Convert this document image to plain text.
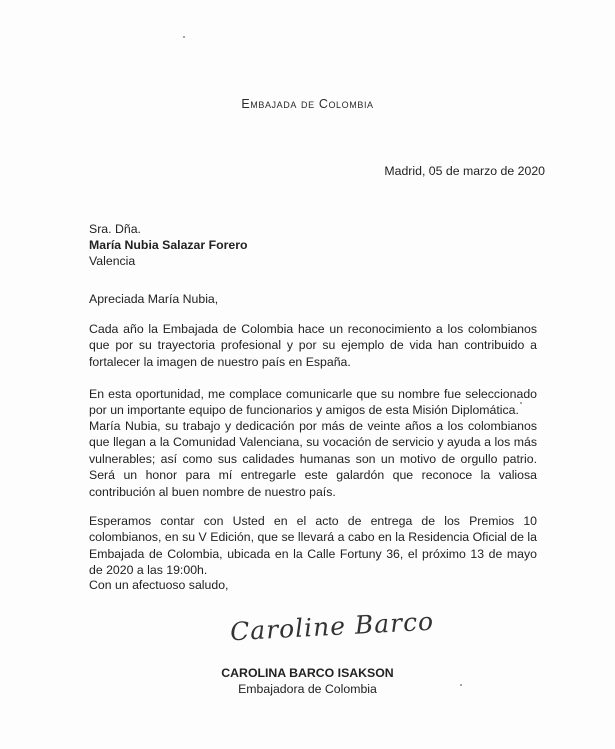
Embajada de Colombia
Madrid, 05 de marzo de 2020
Sra. Dña.
María Nubia Salazar Forero
Valencia
Apreciada María Nubia,

Cada año la Embajada de Colombia hace un reconocimiento a los colombianos que por su trayectoria profesional y por su ejemplo de vida han contribuido a fortalecer la imagen de nuestro país en España.

En esta oportunidad, me complace comunicarle que su nombre fue seleccionado por un importante equipo de funcionarios y amigos de esta Misión Diplomática.

María Nubia, su trabajo y dedicación por más de veinte años a los colombianos que llegan a la Comunidad Valenciana, su vocación de servicio y ayuda a los más vulnerables; así como sus calidades humanas son un motivo de orgullo patrio. Será un honor para mí entregarle este galardón que reconoce la valiosa contribución al buen nombre de nuestro país.

Esperamos contar con Usted en el acto de entrega de los Premios 10 colombianos, en su V Edición, que se llevará a cabo en la Residencia Oficial de la Embajada de Colombia, ubicada en la Calle Fortuny 36, el próximo 13 de mayo de 2020 a las 19:00h.

Con un afectuoso saludo,
Caroline Barco
CAROLINA BARCO ISAKSON
Embajadora de Colombia
